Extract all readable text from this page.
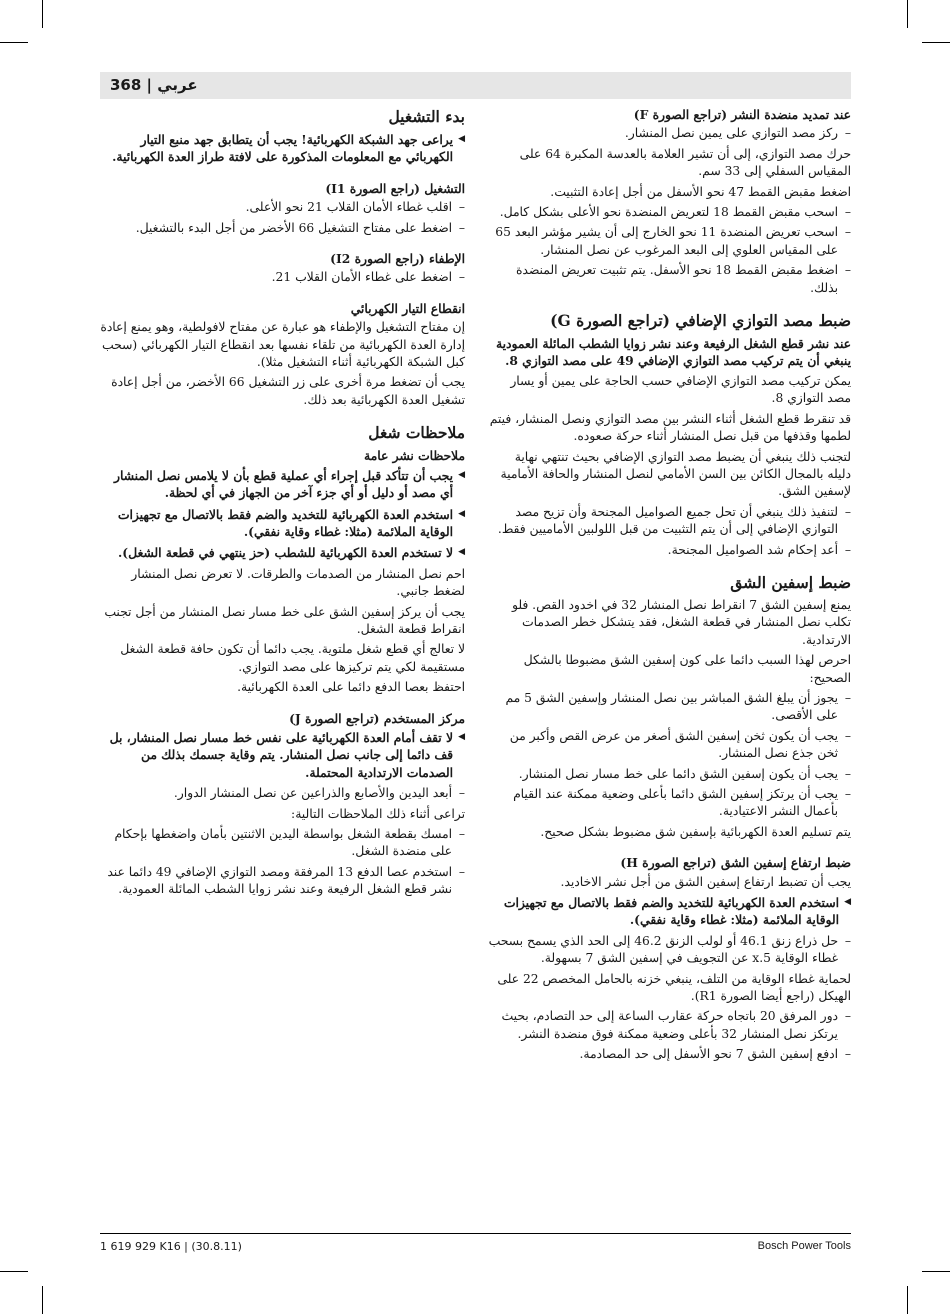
عربي | 368
عند تمديد منضدة النشر (تراجع الصورة F)
– ركز مصد التوازي على يمين نصل المنشار.
حرك مصد التوازي، إلى أن تشير العلامة بالعدسة المكبرة 64 على المقياس السفلي إلى 33 سم.
اضغط مقبض القمط 47 نحو الأسفل من أجل إعادة التثبيت.
– اسحب مقبض القمط 18 لتعريض المنضدة نحو الأعلى بشكل كامل.
– اسحب تعريض المنضدة 11 نحو الخارج إلى أن يشير مؤشر البعد 65 على المقياس العلوي إلى البعد المرغوب عن نصل المنشار.
– اضغط مقبض القمط 18 نحو الأسفل. يتم تثبيت تعريض المنضدة بذلك.
ضبط مصد التوازي الإضافي (تراجع الصورة G)
عند نشر قطع الشغل الرفيعة وعند نشر زوايا الشطب المائلة العمودية ينبغي أن يتم تركيب مصد التوازي الإضافي 49 على مصد التوازي 8.
يمكن تركيب مصد التوازي الإضافي حسب الحاجة على يمين أو يسار مصد التوازي 8.
قد تنقرط قطع الشغل أثناء النشر بين مصد التوازي ونصل المنشار، فيتم لطمها وقذفها من قبل نصل المنشار أثناء حركة صعوده.
لتجنب ذلك ينبغي أن يضبط مصد التوازي الإضافي بحيث تنتهي نهاية دليله بالمجال الكائن بين السن الأمامي لنصل المنشار والحافة الأمامية لإسفين الشق.
– لتنفيذ ذلك ينبغي أن تحل جميع الصواميل المجنحة وأن تزيح مصد التوازي الإضافي إلى أن يتم التثبيت من قبل اللولبين الأماميين فقط.
– أعد إحكام شد الصواميل المجنحة.
ضبط إسفين الشق
يمنع إسفين الشق 7 انقراط نصل المنشار 32 في اخدود القص. فلو تكلب نصل المنشار في قطعة الشغل، فقد يتشكل خطر الصدمات الارتدادية.
احرص لهذا السبب دائما على كون إسفين الشق مضبوطا بالشكل الصحيح:
– يجوز أن يبلغ الشق المباشر بين نصل المنشار وإسفين الشق 5 مم على الأقصى.
– يجب أن يكون ثخن إسفين الشق أصغر من عرض القص وأكبر من ثخن جذع نصل المنشار.
– يجب أن يكون إسفين الشق دائما على خط مسار نصل المنشار.
– يجب أن يرتكز إسفين الشق دائما بأعلى وضعية ممكنة عند القيام بأعمال النشر الاعتيادية.
يتم تسليم العدة الكهربائية بإسفين شق مضبوط بشكل صحيح.
ضبط ارتفاع إسفين الشق (تراجع الصورة H)
يجب أن تضبط ارتفاع إسفين الشق من أجل نشر الاخاديد.
◀ استخدم العدة الكهربائية للتخديد والضم فقط بالاتصال مع تجهيزات الوقاية الملائمة (مثلا: غطاء وقاية نفقي).
– حل ذراع زنق 46.1 أو لولب الزنق 46.2 إلى الحد الذي يسمح بسحب غطاء الوقاية 5.x عن التجويف في إسفين الشق 7 بسهولة.
لحماية غطاء الوقاية من التلف، ينبغي خزنه بالحامل المخصص 22 على الهيكل (راجع أيضا الصورة R1).
– دور المرفق 20 باتجاه حركة عقارب الساعة إلى حد التصادم، بحيث يرتكز نصل المنشار 32 بأعلى وضعية ممكنة فوق منضدة النشر.
– ادفع إسفين الشق 7 نحو الأسفل إلى حد المصادمة.
بدء التشغيل
◀ يراعى جهد الشبكة الكهربائية! يجب أن يتطابق جهد منبع التيار الكهربائي مع المعلومات المذكورة على لافتة طراز العدة الكهربائية.
التشغيل (راجع الصورة I1)
– اقلب غطاء الأمان القلاب 21 نحو الأعلى.
– اضغط على مفتاح التشغيل 66 الأخضر من أجل البدء بالتشغيل.
الإطفاء (راجع الصورة I2)
– اضغط على غطاء الأمان القلاب 21.
انقطاع التيار الكهربائي
إن مفتاح التشغيل والإطفاء هو عبارة عن مفتاح لافولطية، وهو يمنع إعادة إدارة العدة الكهربائية من تلقاء نفسها بعد انقطاع التيار الكهربائي (سحب كبل الشبكة الكهربائية أثناء التشغيل مثلا).
يجب أن تضغط مرة أخرى على زر التشغيل 66 الأخضر، من أجل إعادة تشغيل العدة الكهربائية بعد ذلك.
ملاحظات شغل
ملاحظات نشر عامة
◀ يجب أن تتأكد قبل إجراء أي عملية قطع بأن لا يلامس نصل المنشار أي مصد أو دليل أو أي جزء آخر من الجهاز في أي لحظة.
◀ استخدم العدة الكهربائية للتخديد والضم فقط بالاتصال مع تجهيزات الوقاية الملائمة (مثلا: غطاء وقاية نفقي).
◀ لا تستخدم العدة الكهربائية للشطب (حز ينتهي في قطعة الشغل).
احم نصل المنشار من الصدمات والطرقات. لا تعرض نصل المنشار لضغط جانبي.
يجب أن يركز إسفين الشق على خط مسار نصل المنشار من أجل تجنب انقراط قطعة الشغل.
لا تعالج أي قطع شغل ملتوية. يجب دائما أن تكون حافة قطعة الشغل مستقيمة لكي يتم تركيزها على مصد التوازي.
احتفظ بعصا الدفع دائما على العدة الكهربائية.
مركز المستخدم (تراجع الصورة J)
◀ لا تقف أمام العدة الكهربائية على نفس خط مسار نصل المنشار، بل قف دائما إلى جانب نصل المنشار. يتم وقاية جسمك بذلك من الصدمات الارتدادية المحتملة.
– أبعد اليدين والأصابع والذراعين عن نصل المنشار الدوار.
تراعى أثناء ذلك الملاحظات التالية:
– امسك بقطعة الشغل بواسطة اليدين الاثنتين بأمان واضغطها بإحكام على منضدة الشغل.
– استخدم عصا الدفع 13 المرفقة ومصد التوازي الإضافي 49 دائما عند نشر قطع الشغل الرفيعة وعند نشر زوايا الشطب المائلة العمودية.
1 619 929 K16 | (30.8.11)	Bosch Power Tools
